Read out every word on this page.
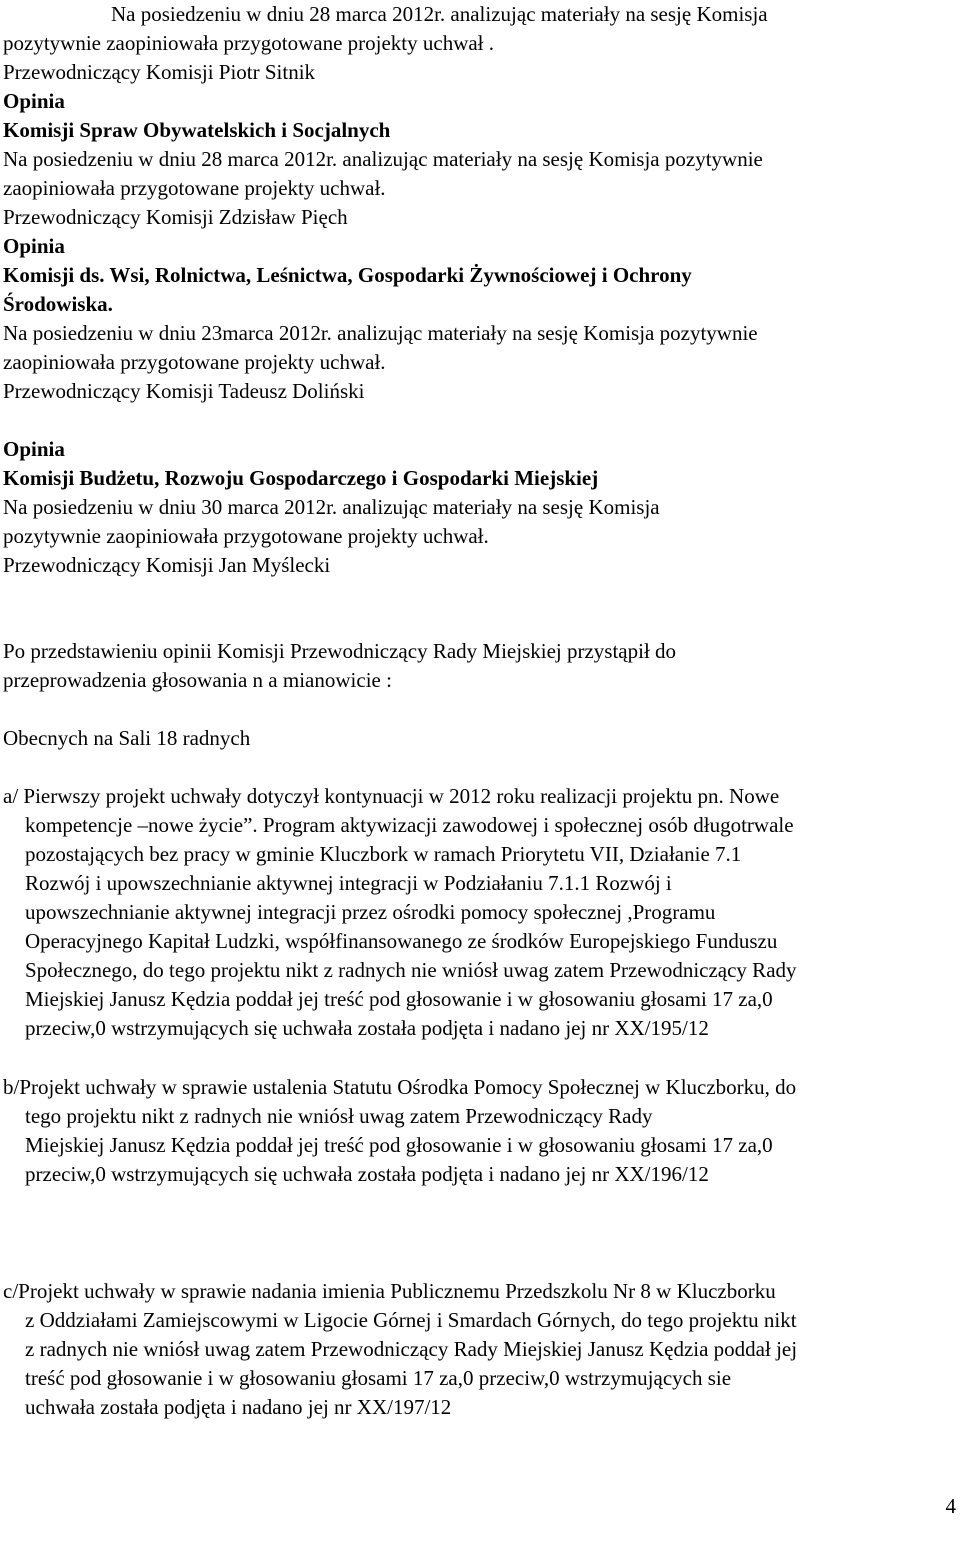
Na posiedzeniu w dniu 28 marca 2012r. analizując materiały na sesję Komisja
pozytywnie zaopiniowała przygotowane projekty uchwał .
Przewodniczący Komisji Piotr Sitnik
Opinia
Komisji Spraw Obywatelskich i Socjalnych
Na posiedzeniu w dniu 28 marca 2012r. analizując materiały na sesję Komisja pozytywnie
zaopiniowała przygotowane projekty uchwał.
Przewodniczący Komisji Zdzisław Pięch
Opinia
Komisji ds. Wsi, Rolnictwa, Leśnictwa, Gospodarki Żywnościowej i Ochrony
Środowiska.
Na posiedzeniu w dniu 23marca 2012r. analizując materiały na sesję Komisja pozytywnie
zaopiniowała przygotowane projekty uchwał.
Przewodniczący Komisji Tadeusz Doliński
Opinia
Komisji Budżetu, Rozwoju Gospodarczego i Gospodarki Miejskiej
Na posiedzeniu w dniu 30 marca 2012r. analizując materiały na sesję Komisja
pozytywnie zaopiniowała przygotowane projekty uchwał.
Przewodniczący Komisji Jan Myślecki
Po przedstawieniu opinii Komisji Przewodniczący Rady Miejskiej przystąpił do
przeprowadzenia głosowania n a mianowicie :
Obecnych na Sali 18 radnych
a/ Pierwszy projekt uchwały dotyczył kontynuacji w 2012 roku realizacji projektu pn. Nowe
kompetencje –nowe życie”. Program aktywizacji zawodowej i społecznej osób długotrwale
pozostających bez pracy w gminie Kluczbork w ramach Priorytetu VII, Działanie 7.1
Rozwój i upowszechnianie aktywnej integracji w Podziałaniu 7.1.1 Rozwój i
upowszechnianie aktywnej integracji przez ośrodki pomocy społecznej ,Programu
Operacyjnego Kapitał Ludzki, współfinansowanego ze środków Europejskiego Funduszu
Społecznego, do tego projektu nikt z radnych nie wniósł uwag zatem Przewodniczący Rady
Miejskiej Janusz Kędzia poddał jej treść pod głosowanie i w głosowaniu głosami 17 za,0
przeciw,0 wstrzymujących się uchwała została podjęta i nadano jej nr XX/195/12
b/Projekt uchwały w sprawie ustalenia Statutu Ośrodka Pomocy Społecznej w Kluczborku, do
tego projektu nikt z radnych nie wniósł uwag zatem Przewodniczący Rady
Miejskiej Janusz Kędzia poddał jej treść pod głosowanie i w głosowaniu głosami 17 za,0
przeciw,0 wstrzymujących się uchwała została podjęta i nadano jej nr XX/196/12
c/Projekt uchwały w sprawie nadania imienia Publicznemu Przedszkolu Nr 8 w Kluczborku
z Oddziałami Zamiejscowymi w Ligocie Górnej i Smardach Górnych, do tego projektu nikt
z radnych nie wniósł uwag zatem Przewodniczący Rady Miejskiej Janusz Kędzia poddał jej
treść pod głosowanie i w głosowaniu głosami 17 za,0 przeciw,0 wstrzymujących sie
uchwała została podjęta i nadano jej nr XX/197/12
4
